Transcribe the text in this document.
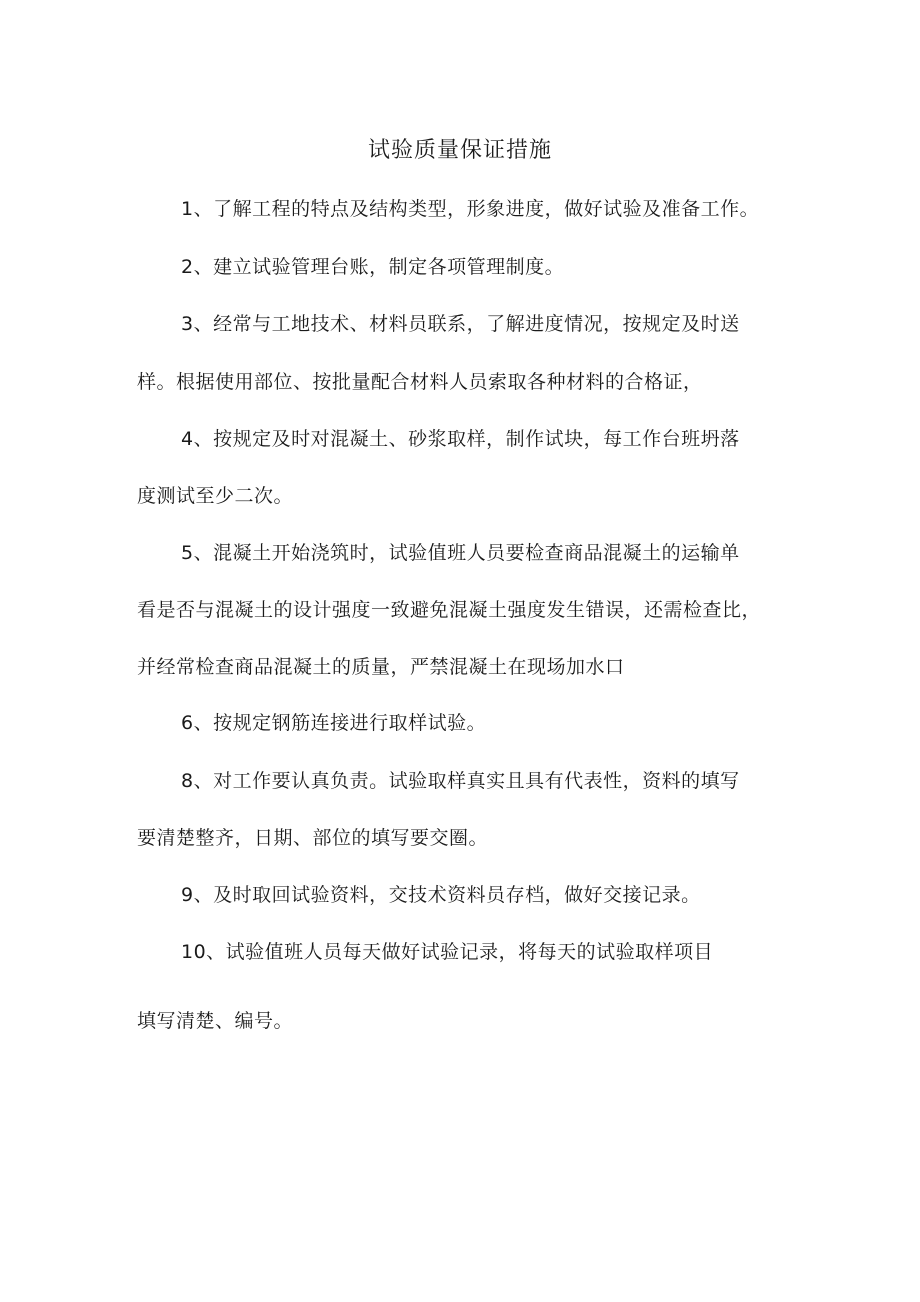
试验质量保证措施

1、了解工程的特点及结构类型，形象进度，做好试验及准备工作。

2、建立试验管理台账，制定各项管理制度。

3、经常与工地技术、材料员联系，了解进度情况，按规定及时送

样。根据使用部位、按批量配合材料人员索取各种材料的合格证，

4、按规定及时对混凝土、砂浆取样，制作试块，每工作台班坍落

度测试至少二次。

5、混凝土开始浇筑时，试验值班人员要检查商品混凝土的运输单

看是否与混凝土的设计强度一致避免混凝土强度发生错误，还需检查比，

并经常检查商品混凝土的质量，严禁混凝土在现场加水口

6、按规定钢筋连接进行取样试验。

8、对工作要认真负责。试验取样真实且具有代表性，资料的填写

要清楚整齐，日期、部位的填写要交圈。

9、及时取回试验资料，交技术资料员存档，做好交接记录。

10、试验值班人员每天做好试验记录，将每天的试验取样项目

填写清楚、编号。
